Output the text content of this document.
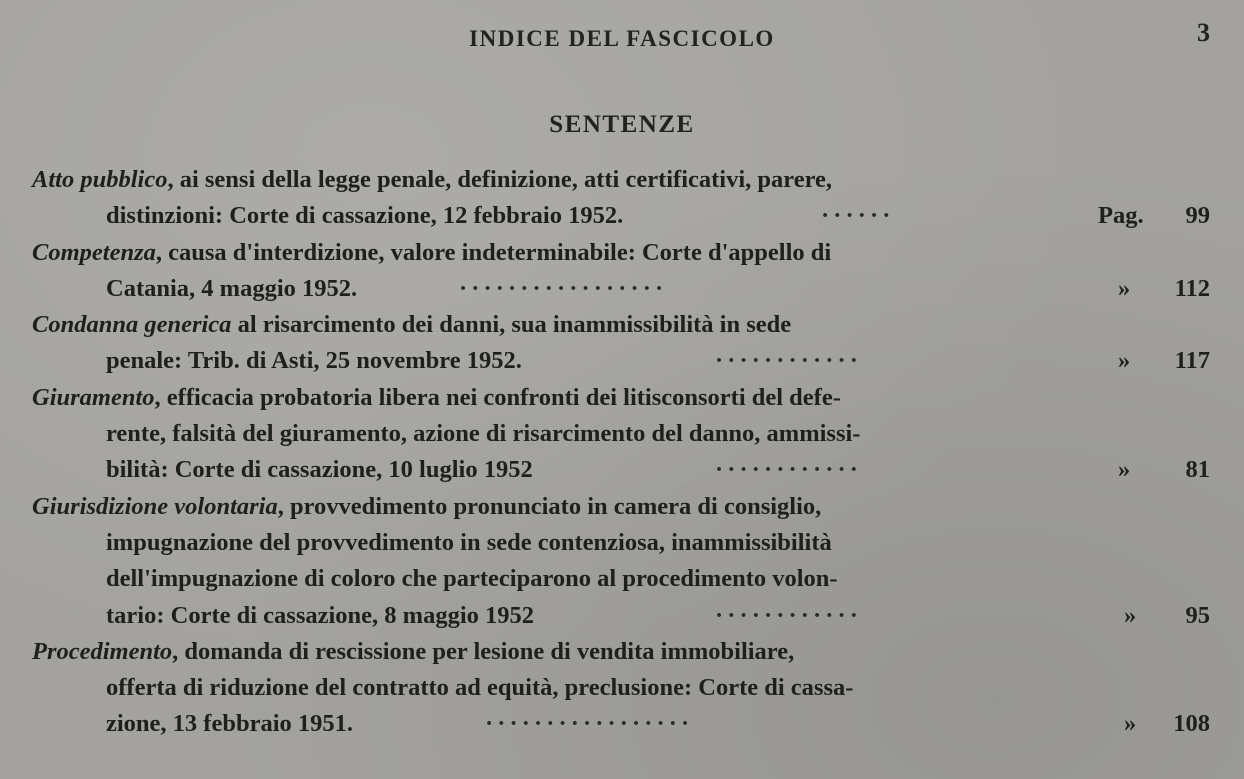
INDICE DEL FASCICOLO	3
SENTENZE
Atto pubblico, ai sensi della legge penale, definizione, atti certificativi, parere,
distinzioni: Corte di cassazione, 12 febbraio 1952.	. . . . . .	Pag. 99
Competenza, causa d'interdizione, valore indeterminabile: Corte d'appello di
Catania, 4 maggio 1952.	. . . . . . . . . . . . . . . . .	» 112
Condanna generica al risarcimento dei danni, sua inammissibilità in sede
penale: Trib. di Asti, 25 novembre 1952.	. . . . . . . . . . . .	» 117
Giuramento, efficacia probatoria libera nei confronti dei litisconsorti del defe-
rente, falsità del giuramento, azione di risarcimento del danno, ammissi-
bilità: Corte di cassazione, 10 luglio 1952	. . . . . . . . . . . .	» 81
Giurisdizione volontaria, provvedimento pronunciato in camera di consiglio,
impugnazione del provvedimento in sede contenziosa, inammissibilità
dell'impugnazione di coloro che parteciparono al procedimento volon-
tario: Corte di cassazione, 8 maggio 1952	. . . . . . . . . . . .	» 95
Procedimento, domanda di rescissione per lesione di vendita immobiliare,
offerta di riduzione del contratto ad equità, preclusione: Corte di cassa-
zione, 13 febbraio 1951.	. . . . . . . . . . . . . . . . .	» 108
